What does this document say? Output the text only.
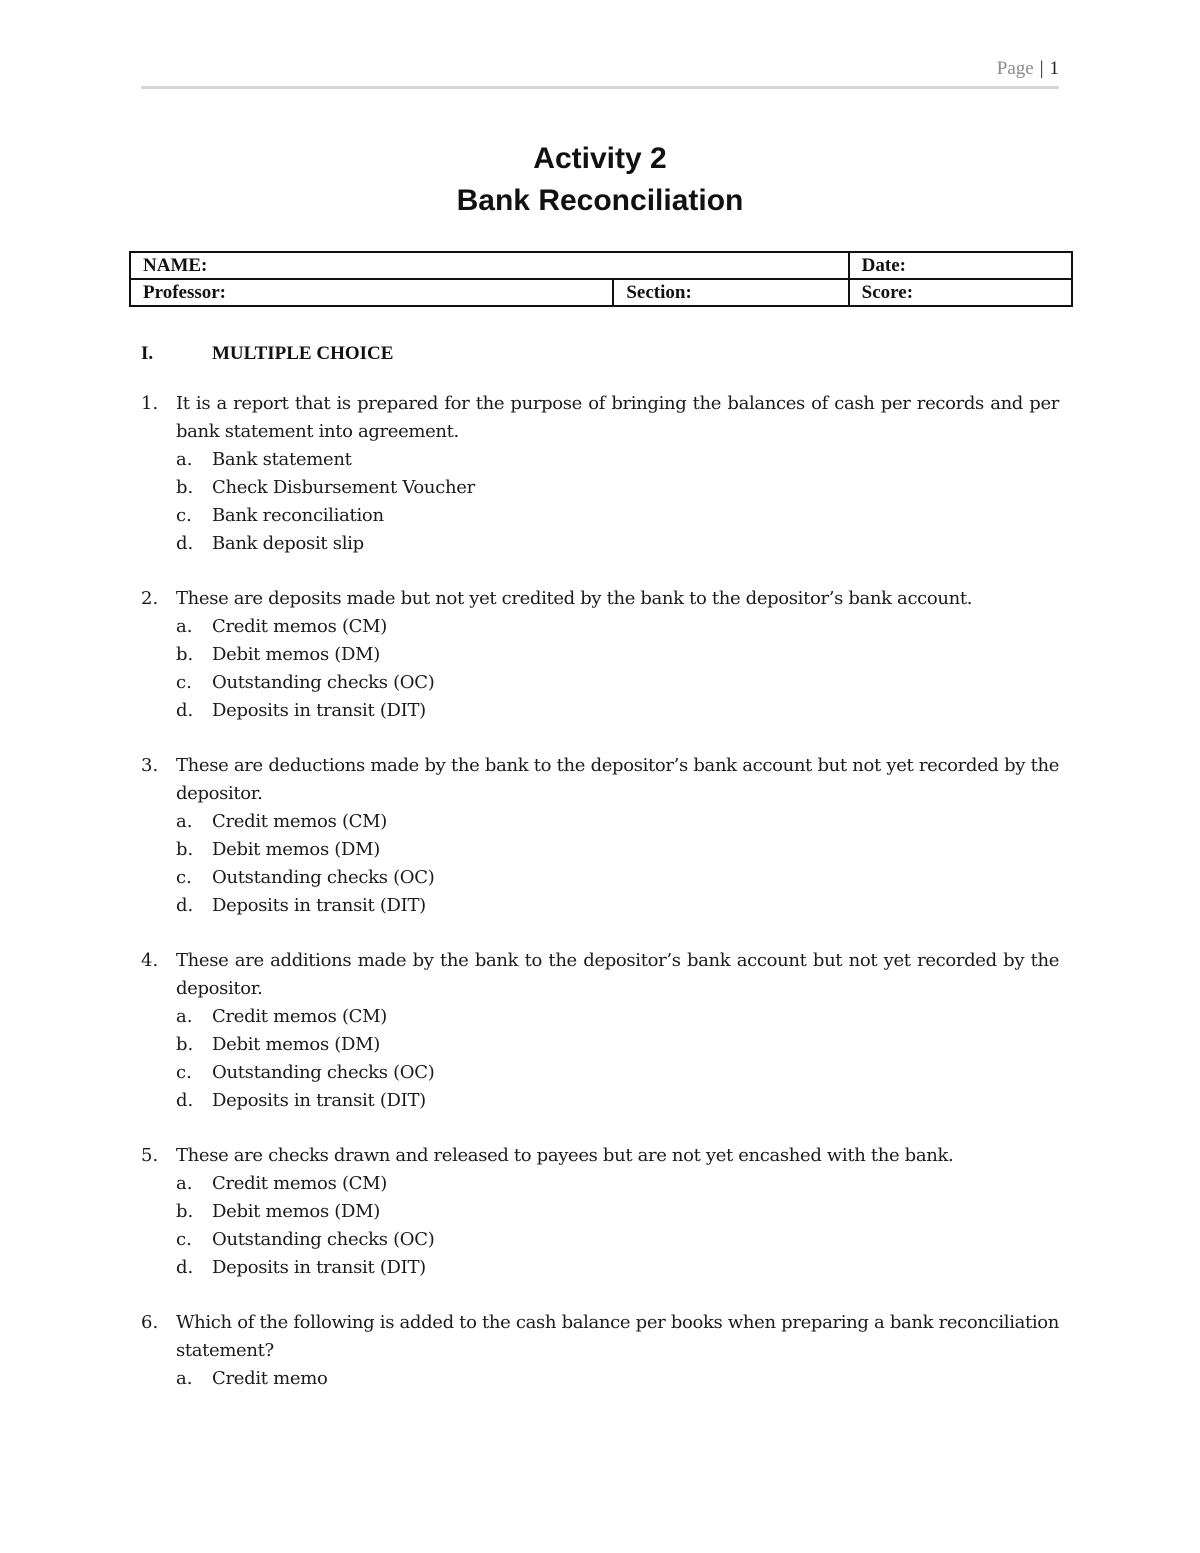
Page | 1
Activity 2
Bank Reconciliation
NAME:		Date:
Professor:	Section:	Score:
I.	MULTIPLE CHOICE
1. It is a report that is prepared for the purpose of bringing the balances of cash per records and per bank statement into agreement.
a.	Bank statement
b.	Check Disbursement Voucher
c.	Bank reconciliation
d.	Bank deposit slip
2. These are deposits made but not yet credited by the bank to the depositor’s bank account.
a.	Credit memos (CM)
b.	Debit memos (DM)
c.	Outstanding checks (OC)
d.	Deposits in transit (DIT)
3. These are deductions made by the bank to the depositor’s bank account but not yet recorded by the depositor.
a.	Credit memos (CM)
b.	Debit memos (DM)
c.	Outstanding checks (OC)
d.	Deposits in transit (DIT)
4. These are additions made by the bank to the depositor’s bank account but not yet recorded by the depositor.
a.	Credit memos (CM)
b.	Debit memos (DM)
c.	Outstanding checks (OC)
d.	Deposits in transit (DIT)
5. These are checks drawn and released to payees but are not yet encashed with the bank.
a.	Credit memos (CM)
b.	Debit memos (DM)
c.	Outstanding checks (OC)
d.	Deposits in transit (DIT)
6. Which of the following is added to the cash balance per books when preparing a bank reconciliation statement?
a.	Credit memo
